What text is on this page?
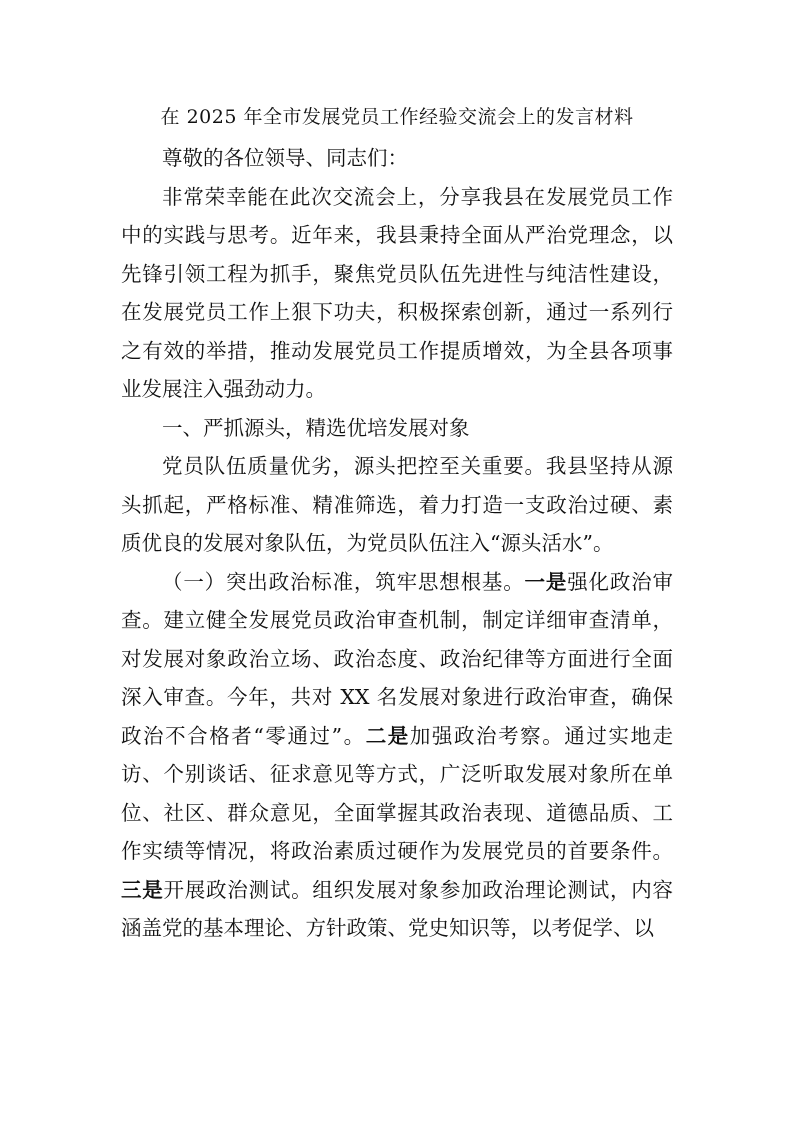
在 2025 年全市发展党员工作经验交流会上的发言材料

尊敬的各位领导、同志们：

非常荣幸能在此次交流会上，分享我县在发展党员工作中的实践与思考。近年来，我县秉持全面从严治党理念，以先锋引领工程为抓手，聚焦党员队伍先进性与纯洁性建设，在发展党员工作上狠下功夫，积极探索创新，通过一系列行之有效的举措，推动发展党员工作提质增效，为全县各项事业发展注入强劲动力。

一、严抓源头，精选优培发展对象

党员队伍质量优劣，源头把控至关重要。我县坚持从源头抓起，严格标准、精准筛选，着力打造一支政治过硬、素质优良的发展对象队伍，为党员队伍注入“源头活水”。

（一）突出政治标准，筑牢思想根基。一是强化政治审查。建立健全发展党员政治审查机制，制定详细审查清单，对发展对象政治立场、政治态度、政治纪律等方面进行全面深入审查。今年，共对 XX 名发展对象进行政治审查，确保政治不合格者“零通过”。二是加强政治考察。通过实地走访、个别谈话、征求意见等方式，广泛听取发展对象所在单位、社区、群众意见，全面掌握其政治表现、道德品质、工作实绩等情况，将政治素质过硬作为发展党员的首要条件。三是开展政治测试。组织发展对象参加政治理论测试，内容涵盖党的基本理论、方针政策、党史知识等，以考促学、以
